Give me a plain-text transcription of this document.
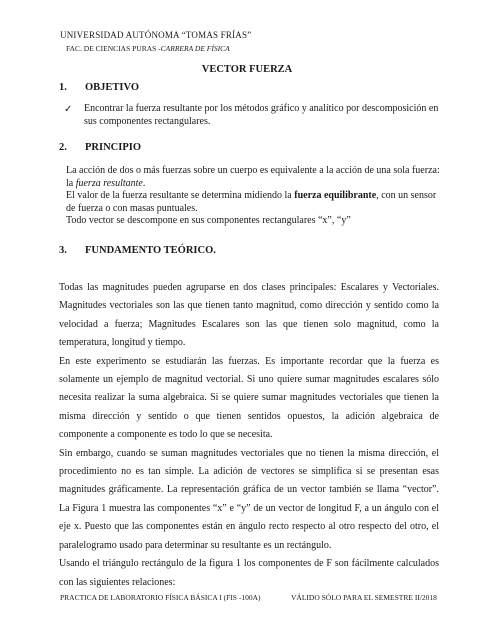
UNIVERSIDAD AUTÓNOMA “TOMAS FRÍAS”
FAC. DE CIENCIAS PURAS -CARRERA DE FÍSICA
VECTOR FUERZA
1. OBJETIVO
✓ Encontrar la fuerza resultante por los métodos gráfico y analítico por descomposición en sus componentes rectangulares.
2. PRINCIPIO

La acción de dos o más fuerzas sobre un cuerpo es equivalente a la acción de una sola fuerza: la fuerza resultante.

El valor de la fuerza resultante se determina midiendo la fuerza equilibrante, con un sensor de fuerza o con masas puntuales.

Todo vector se descompone en sus componentes rectangulares “x”, “y”

3. FUNDAMENTO TEÓRICO.

Todas las magnitudes pueden agruparse en dos clases principales: Escalares y Vectoriales. Magnitudes vectoriales son las que tienen tanto magnitud, como dirección y sentido como la velocidad a fuerza; Magnitudes Escalares son las que tienen solo magnitud, como la temperatura, longitud y tiempo.

En este experimento se estudiarán las fuerzas. Es importante recordar que la fuerza es solamente un ejemplo de magnitud vectorial. Si uno quiere sumar magnitudes escalares sólo necesita realizar la suma algebraica. Si se quiere sumar magnitudes vectoriales que tienen la misma dirección y sentido o que tienen sentidos opuestos, la adición algebraica de componente a componente es todo lo que se necesita.

Sin embargo, cuando se suman magnitudes vectoriales que no tienen la misma dirección, el procedimiento no es tan simple. La adición de vectores se simplifica si se presentan esas magnitudes gráficamente. La representación gráfica de un vector también se llama “vector”. La Figura 1 muestra las componentes “x” e “y” de un vector de longitud F, a un ángulo con el eje x. Puesto que las componentes están en ángulo recto respecto al otro respecto del otro, el paralelogramo usado para determinar su resultante es un rectángulo.

Usando el triángulo rectángulo de la figura 1 los componentes de F son fácilmente calculados con las siguientes relaciones:

PRACTICA DE LABORATORIO FÍSICA BÁSICA I (FIS -100A)	VÁLIDO SÓLO PARA EL SEMESTRE II/2018
